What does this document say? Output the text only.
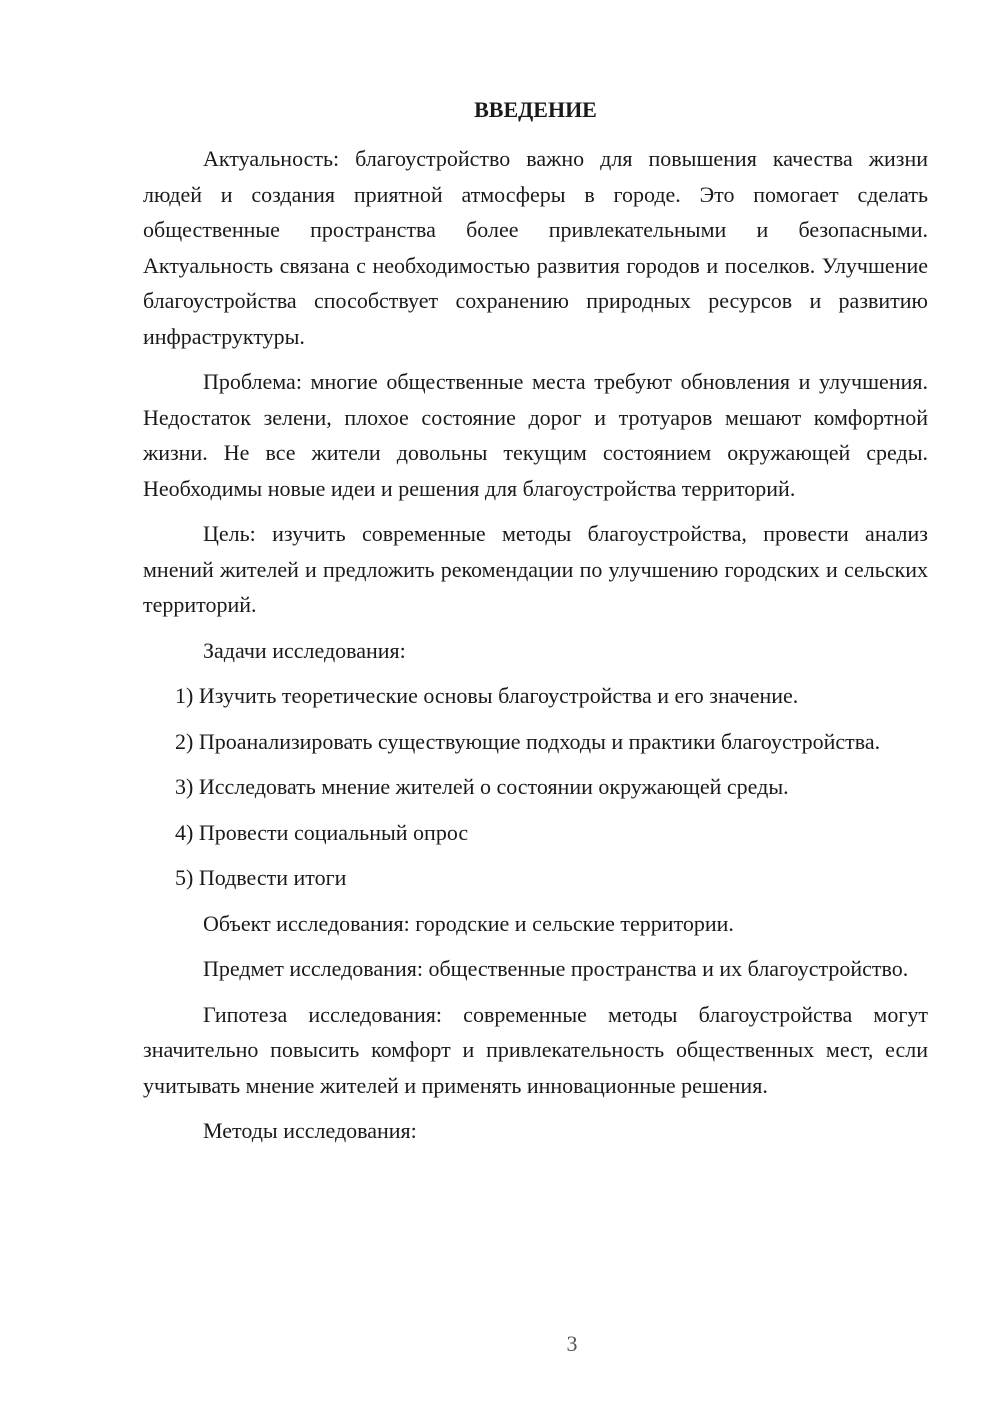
ВВЕДЕНИЕ

Актуальность: благоустройство важно для повышения качества жизни людей и создания приятной атмосферы в городе. Это помогает сделать общественные пространства более привлекательными и безопасными. Актуальность связана с необходимостью развития городов и поселков. Улучшение благоустройства способствует сохранению природных ресурсов и развитию инфраструктуры.

Проблема: многие общественные места требуют обновления и улучшения. Недостаток зелени, плохое состояние дорог и тротуаров мешают комфортной жизни. Не все жители довольны текущим состоянием окружающей среды. Необходимы новые идеи и решения для благоустройства территорий.

Цель: изучить современные методы благоустройства, провести анализ мнений жителей и предложить рекомендации по улучшению городских и сельских территорий.

Задачи исследования:

1) Изучить теоретические основы благоустройства и его значение.

2) Проанализировать существующие подходы и практики благоустройства.

3) Исследовать мнение жителей о состоянии окружающей среды.

4) Провести социальный опрос

5) Подвести итоги

Объект исследования: городские и сельские территории.

Предмет исследования: общественные пространства и их благоустройство.

Гипотеза исследования: современные методы благоустройства могут значительно повысить комфорт и привлекательность общественных мест, если учитывать мнение жителей и применять инновационные решения.

Методы исследования:

3
